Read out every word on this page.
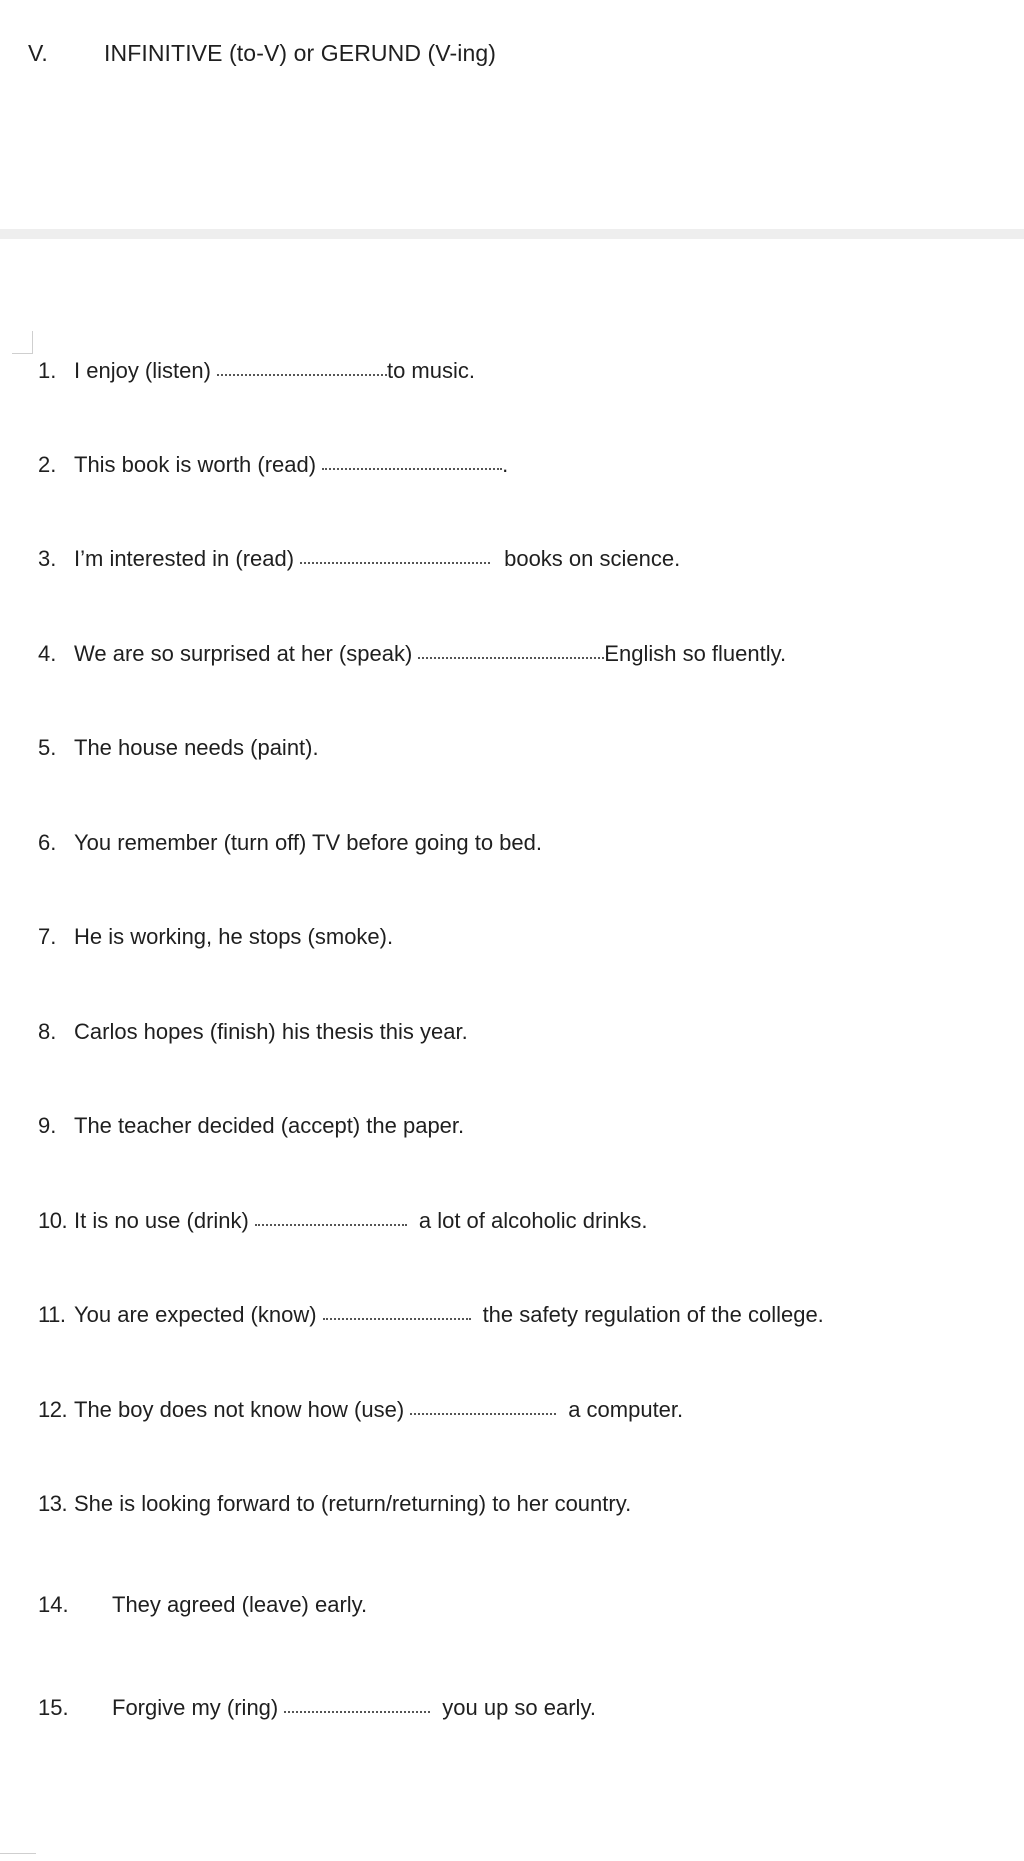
V.	INFINITIVE (to-V) or GERUND (V-ing)
1. I enjoy (listen)	to music.
2. This book is worth (read)	.
3. I’m interested in (read)	books on science.
4. We are so surprised at her (speak)	English so fluently.
5. The house needs (paint).
6. You remember (turn off) TV before going to bed.
7. He is working, he stops (smoke).
8. Carlos hopes (finish) his thesis this year.
9. The teacher decided (accept) the paper.
10. It is no use (drink)	a lot of alcoholic drinks.
11. You are expected (know)	the safety regulation of the college.
12. The boy does not know how (use)	a computer.
13. She is looking forward to (return/returning) to her country.
14.	They agreed (leave) early.
15.	Forgive my (ring)	you up so early.
